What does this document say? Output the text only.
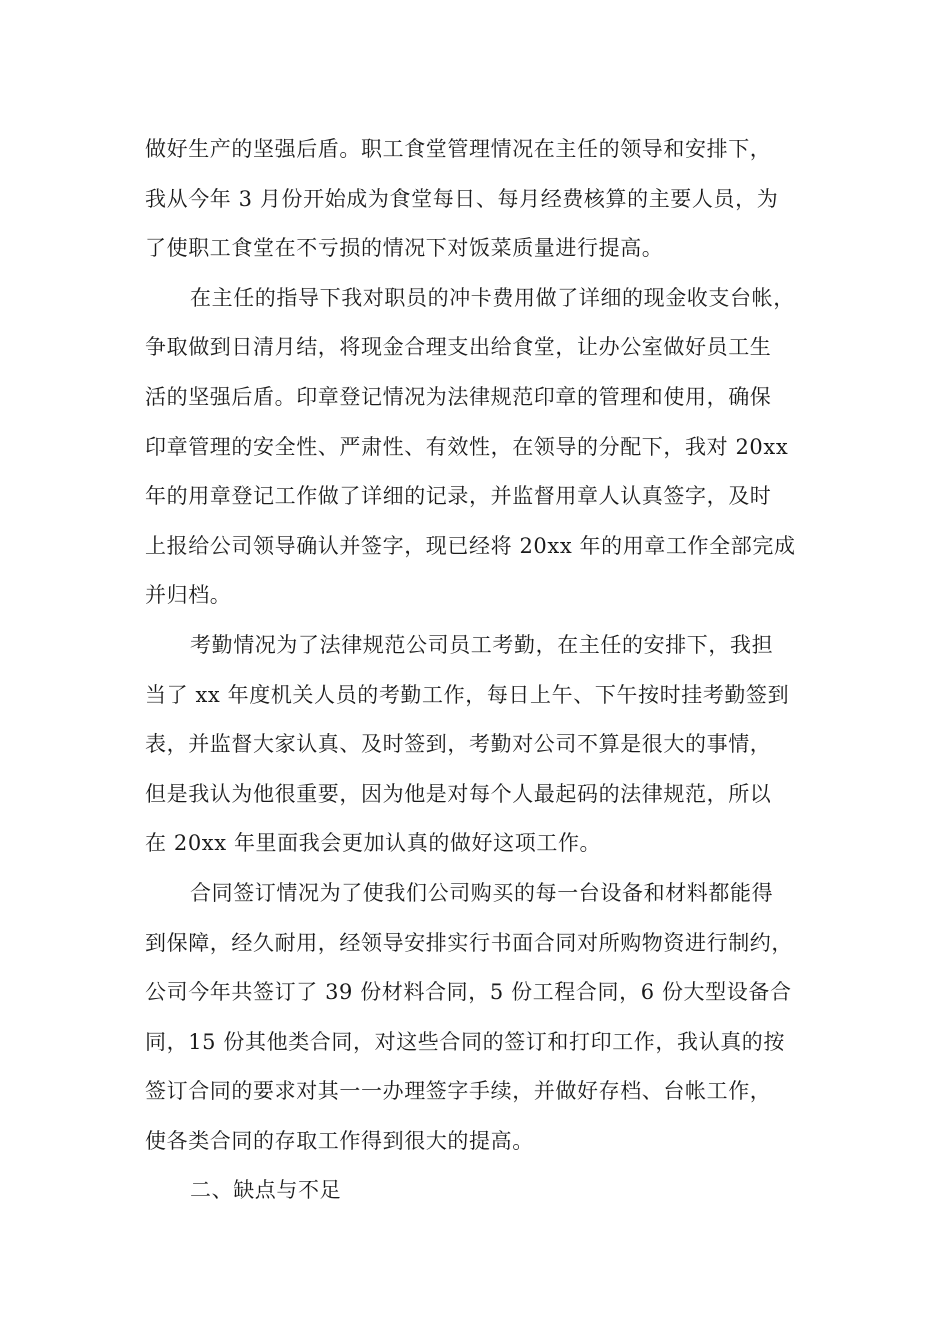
做好生产的坚强后盾。职工食堂管理情况在主任的领导和安排下，
我从今年 3 月份开始成为食堂每日、每月经费核算的主要人员，为
了使职工食堂在不亏损的情况下对饭菜质量进行提高。
在主任的指导下我对职员的冲卡费用做了详细的现金收支台帐，
争取做到日清月结，将现金合理支出给食堂，让办公室做好员工生
活的坚强后盾。印章登记情况为法律规范印章的管理和使用，确保
印章管理的安全性、严肃性、有效性，在领导的分配下，我对 20xx
年的用章登记工作做了详细的记录，并监督用章人认真签字，及时
上报给公司领导确认并签字，现已经将 20xx 年的用章工作全部完成
并归档。
考勤情况为了法律规范公司员工考勤，在主任的安排下，我担
当了 xx 年度机关人员的考勤工作，每日上午、下午按时挂考勤签到
表，并监督大家认真、及时签到，考勤对公司不算是很大的事情，
但是我认为他很重要，因为他是对每个人最起码的法律规范，所以
在 20xx 年里面我会更加认真的做好这项工作。
合同签订情况为了使我们公司购买的每一台设备和材料都能得
到保障，经久耐用，经领导安排实行书面合同对所购物资进行制约，
公司今年共签订了 39 份材料合同，5 份工程合同，6 份大型设备合
同，15 份其他类合同，对这些合同的签订和打印工作，我认真的按
签订合同的要求对其一一办理签字手续，并做好存档、台帐工作，
使各类合同的存取工作得到很大的提高。
二、缺点与不足
